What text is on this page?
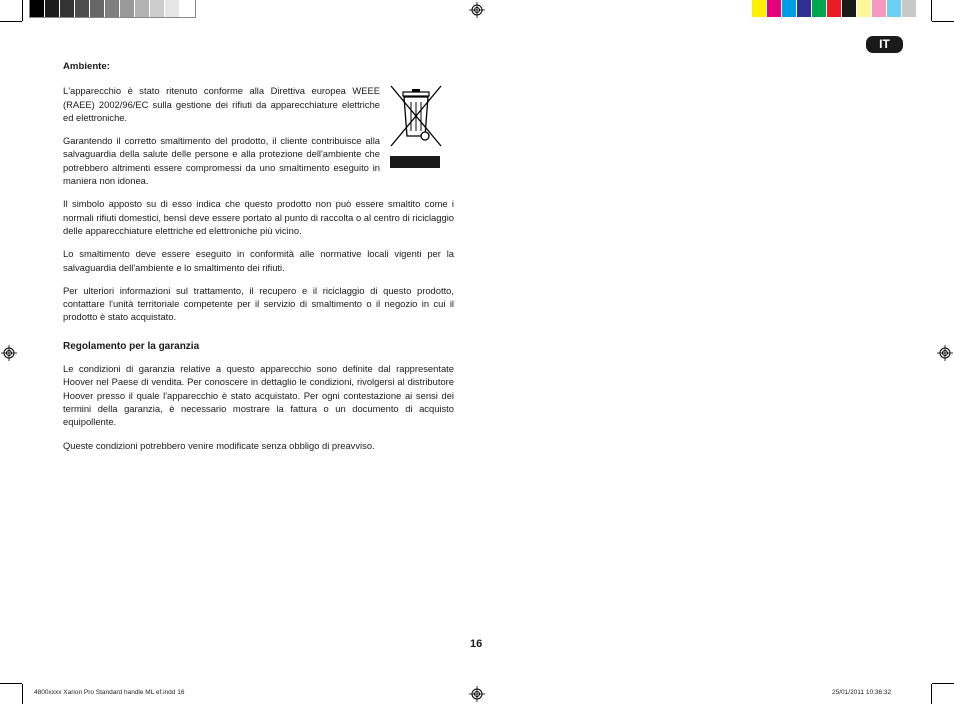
IT
Ambiente:

L'apparecchio è stato ritenuto conforme alla Direttiva europea WEEE (RAEE) 2002/96/EC sulla gestione dei rifiuti da apparecchiature elettriche ed elettroniche.

Garantendo il corretto smaltimento del prodotto, il cliente contribuisce alla salvaguardia della salute delle persone e alla protezione dell'ambiente che potrebbero altrimenti essere compromessi da uno smaltimento eseguito in maniera non idonea.

Il simbolo apposto su di esso indica che questo prodotto non può essere smaltito come i normali rifiuti domestici, bensì deve essere portato al punto di raccolta o al centro di riciclaggio delle apparecchiature elettriche ed elettroniche più vicino.

Lo smaltimento deve essere eseguito in conformità alle normative locali vigenti per la salvaguardia dell'ambiente e lo smaltimento dei rifiuti.

Per ulteriori informazioni sul trattamento, il recupero e il riciclaggio di questo prodotto, contattare l'unità territoriale competente per il servizio di smaltimento o il negozio in cui il prodotto è stato acquistato.

Regolamento per la garanzia

Le condizioni di garanzia relative a questo apparecchio sono definite dal rappresentate Hoover nel Paese di vendita. Per conoscere in dettaglio le condizioni, rivolgersi al distributore Hoover presso il quale l'apparecchio è stato acquistato. Per ogni contestazione ai sensi dei termini della garanzia, è necessario mostrare la fattura o un documento di acquisto equipollente.

Queste condizioni potrebbero venire modificate senza obbligo di preavviso.

16
4800xxxx Xarion Pro Standard handle ML ef.indd 16	25/01/2011 10:36:32
